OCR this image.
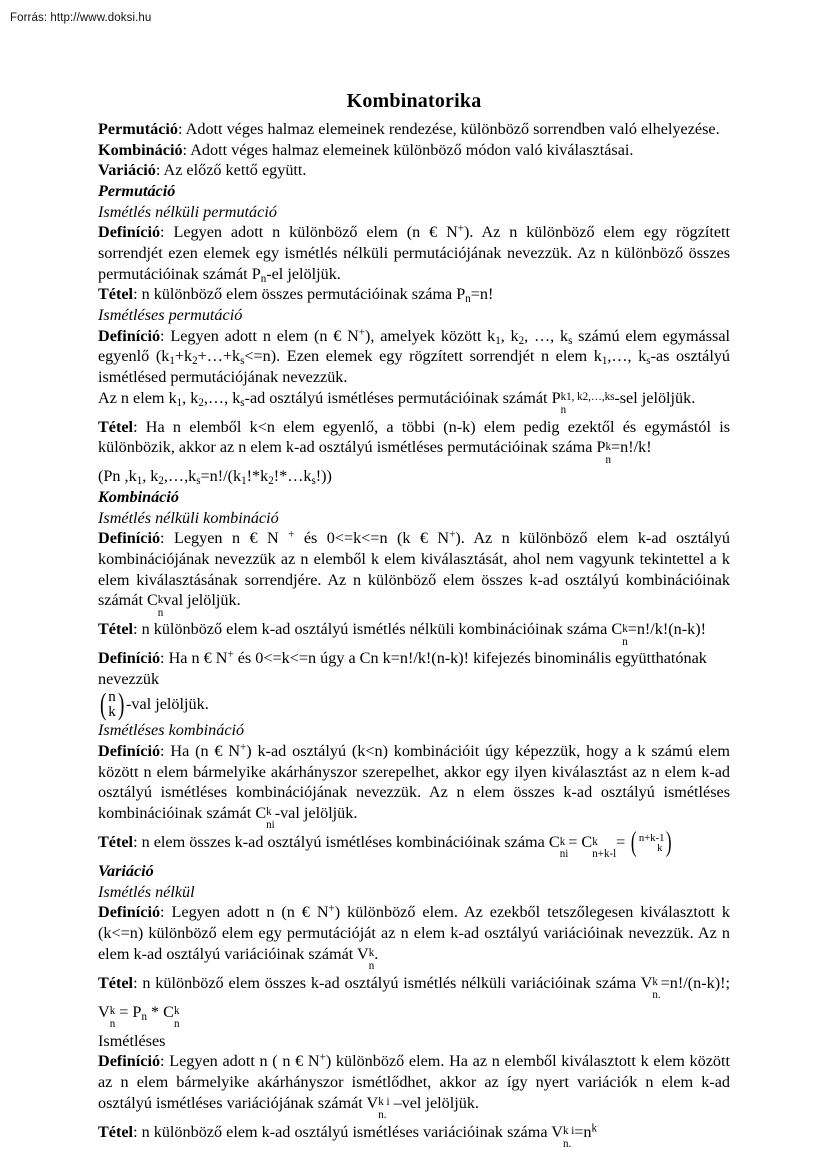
Forrás: http://www.doksi.hu
Kombinatorika

Permutáció: Adott véges halmaz elemeinek rendezése, különböző sorrendben való elhelyezése.

Kombináció: Adott véges halmaz elemeinek különböző módon való kiválasztásai.

Variáció: Az előző kettő együtt.

Permutáció

Ismétlés nélküli permutáció

Definíció: Legyen adott n különböző elem (n € N+). Az n különböző elem egy rögzített sorrendjét ezen elemek egy ismétlés nélküli permutációjának nevezzük. Az n különböző összes permutációinak számát $P_n-el$ jelöljük.

Tétel: n különböző elem összes permutációinak száma $P_n=n$!

Ismétléses permutáció

Definíció: Legyen adott n elem (n € N+), amelyek között $k_1$, $k_2$, …, $k_s$ számú elem egymással egyenlő $(k_1+k_2+\dots+k_s<=n)$. Ezen elemek egy rögzített sorrendjét n elem $k_1,\dots$, $k_s-as$ osztályú ismétlésed permutációjának nevezzük.

Az n elem $k_1$, $k_2,\dots$, $k_s-ad$ osztályú ismétléses permutációinak számát P k1, k2,…,ks
n
-sel jelöljük.

Tétel: Ha n elemből k<n elem egyenlő, a többi (n-k) elem pedig ezektől és egymástól is különbözik, akkor az n elem k-ad osztályú ismétléses permutációinak száma P k
n
=n!/k!

(Pn $,k_1$, $k_2,\dots,k_s=n!/(k_1!*k_2!*\dots k_s!)$)

Kombináció

Ismétlés nélküli kombináció

Definíció: Legyen n € N + és 0<=k<=n (k € N+). Az n különböző elem k-ad osztályú kombinációjának nevezzük az n elemből k elem kiválasztását, ahol nem vagyunk tekintettel a k elem kiválasztásának sorrendjére. Az n különböző elem összes k-ad osztályú kombinációinak számát C k
n
val jelöljük.

Tétel: n különböző elem k-ad osztályú ismétlés nélküli kombinációinak száma C k
n
=n!/k!(n-k)!

Definíció: Ha n € N+ és 0<=k<=n úgy a Cn k=n!/k!(n-k)! kifejezés binominális együtthatónak nevezzük

( n
k ) -val jelöljük.

Ismétléses kombináció

Definíció: Ha (n € N+) k-ad osztályú (k<n) kombinációit úgy képezzük, hogy a k számú elem között n elem bármelyike akárhányszor szerepelhet, akkor egy ilyen kiválasztást az n elem k-ad osztályú ismétléses kombinációjának nevezzük. Az n elem összes k-ad osztályú ismétléses kombinációinak számát C k
ni
-val jelöljük.

Tétel: n elem összes k-ad osztályú ismétléses kombinációinak száma C k
ni
= C k
n+k-l
= ( n+k-1
k )

Variáció

Ismétlés nélkül

Definíció: Legyen adott n (n € N+) különböző elem. Az ezekből tetszőlegesen kiválasztott k (k<=n) különböző elem egy permutációját az n elem k-ad osztályú variációinak nevezzük. Az n elem k-ad osztályú variációinak számát V k
n
.

Tétel: n különböző elem összes k-ad osztályú ismétlés nélküli variációinak száma V k
n.
=n!/(n-k)!; V k
n
= $P_n$ * C k
n

Ismétléses

Definíció: Legyen adott n ( n € N+) különböző elem. Ha az n elemből kiválasztott k elem között az n elem bármelyike akárhányszor ismétlődhet, akkor az így nyert variációk n elem k-ad osztályú ismétléses variációjának számát V k i
n.
–vel jelöljük.

Tétel: n különböző elem k-ad osztályú ismétléses variációinak száma V k i
n.
$=n^k$
